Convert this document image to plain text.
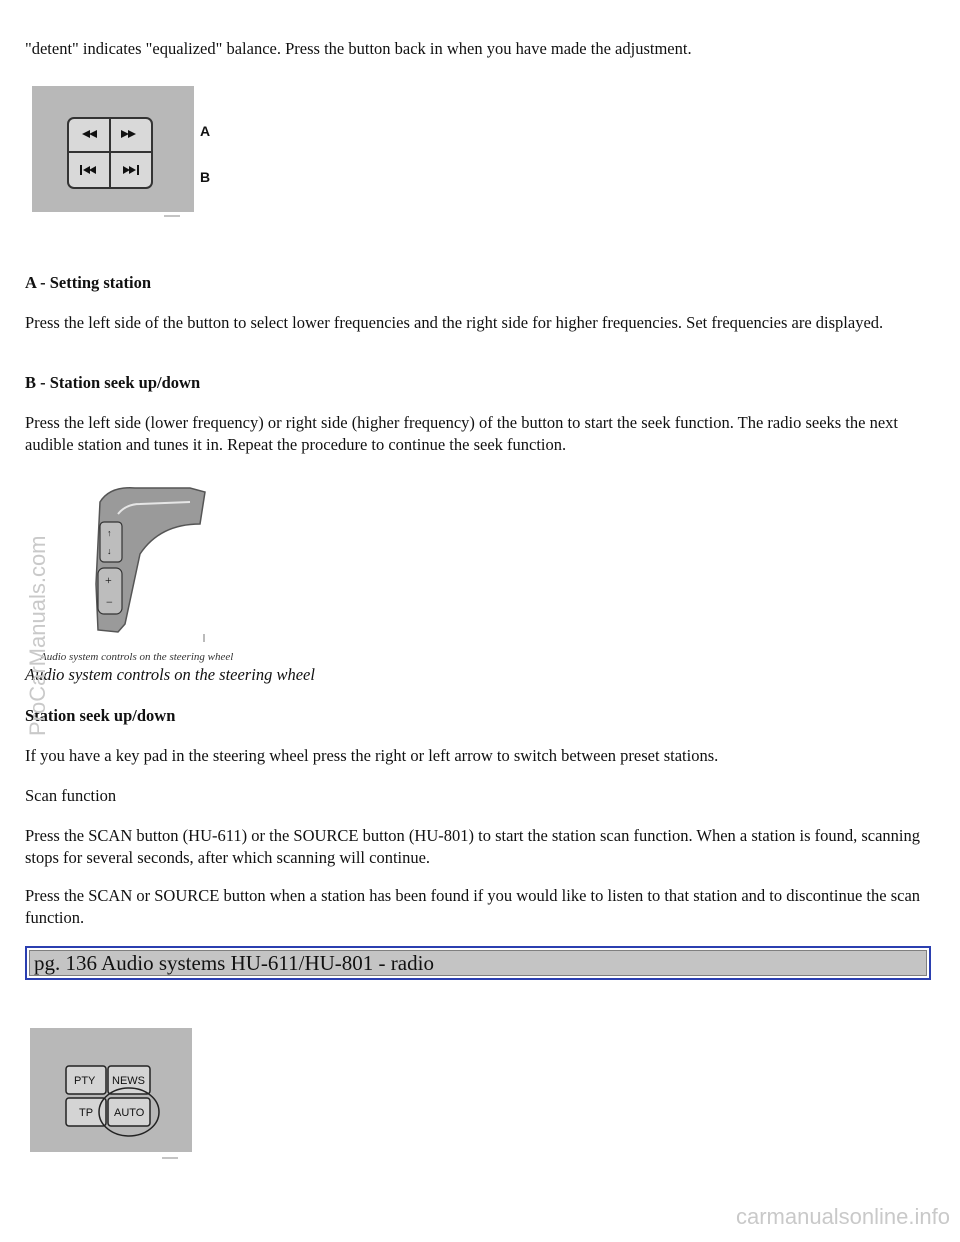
"detent" indicates "equalized" balance. Press the button back in when you have made the adjustment.

A
B

A - Setting station

Press the left side of the button to select lower frequencies and the right side for higher frequencies. Set frequencies are displayed.

B - Station seek up/down

Press the left side (lower frequency) or right side (higher frequency) of the button to start the seek function. The radio seeks the next audible station and tunes it in. Repeat the procedure to continue the seek function.

↑
↓
+
−
Audio system controls on the steering wheel

Audio system controls on the steering wheel

Station seek up/down

If you have a key pad in the steering wheel press the right or left arrow to switch between preset stations.

Scan function

Press the SCAN button (HU-611) or the SOURCE button (HU-801) to start the station scan function. When a station is found, scanning stops for several seconds, after which scanning will continue.

Press the SCAN or SOURCE button when a station has been found if you would like to listen to that station and to discontinue the scan function.

pg. 136 Audio systems HU-611/HU-801 - radio
PTY NEWS
TP AUTO
ProCarManuals.com
carmanualsonline.info
